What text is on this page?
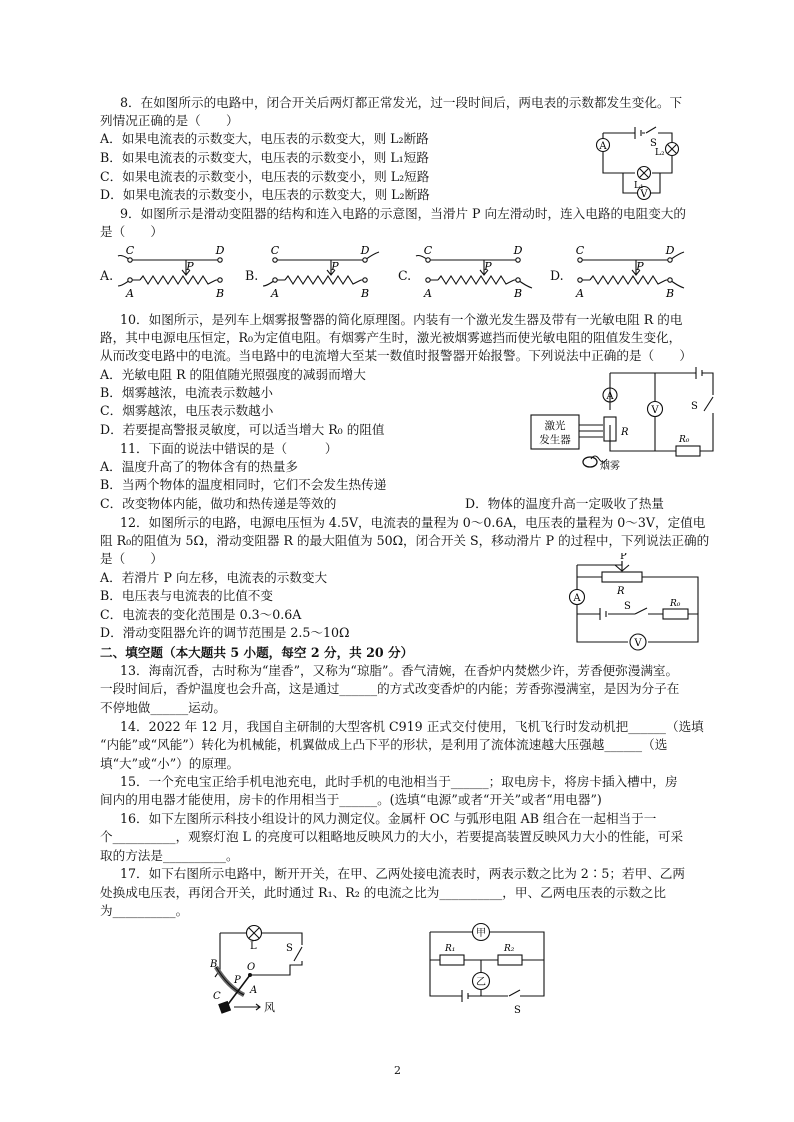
8．在如图所示的电路中，闭合开关后两灯都正常发光，过一段时间后，两电表的示数都发生变化。下
列情况正确的是（　　）
A．如果电流表的示数变大，电压表的示数变大，则 L₂断路
B．如果电流表的示数变大，电压表的示数变小，则 L₁短路
C．如果电流表的示数变小，电压表的示数变小，则 L₂短路
D．如果电流表的示数变小，电压表的示数变大，则 L₂断路
A
V
S
L₂
L₁
9．如图所示是滑动变阻器的结构和连入电路的示意图，当滑片 P 向左滑动时，连入电路的电阻变大的
是（　　）
A.
C	D
P
A	B
B.
C	D
P
A	B
C.
C	D
P
A	B
D.
C	D
P
A	B
10．如图所示，是列车上烟雾报警器的简化原理图。内装有一个激光发生器及带有一光敏电阻 R 的电
路，其中电源电压恒定，R₀为定值电阻。有烟雾产生时，激光被烟雾遮挡而使光敏电阻的阻值发生变化，
从而改变电路中的电流。当电路中的电流增大至某一数值时报警器开始报警。下列说法中正确的是（　　）
A．光敏电阻 R 的阻值随光照强度的减弱而增大
B．烟雾越浓，电流表示数越小
C．烟雾越浓，电压表示数越小
D．若要提高警报灵敏度，可以适当增大 R₀ 的阻值
A
V	S
R
R₀
激光
发生器
烟雾
11．下面的说法中错误的是（　　　）
A．温度升高了的物体含有的热量多
B．当两个物体的温度相同时，它们不会发生热传递
C．改变物体内能，做功和热传递是等效的	D．物体的温度升高一定吸收了热量
12．如图所示的电路，电源电压恒为 4.5V，电流表的量程为 0～0.6A，电压表的量程为 0～3V，定值电
阻 R₀的阻值为 5Ω，滑动变阻器 R 的最大阻值为 50Ω，闭合开关 S，移动滑片 P 的过程中，下列说法正确的
是（　　）
A．若滑片 P 向左移，电流表的示数变大
B．电压表与电流表的比值不变
C．电流表的变化范围是 0.3～0.6A
D．滑动变阻器允许的调节范围是 2.5～10Ω
P
R
A
S	R₀
V
二、填空题（本大题共 5 小题，每空 2 分，共 20 分）
13．海南沉香，古时称为“崖香”，又称为“琼脂”。香气清婉，在香炉内焚燃少许，芳香便弥漫满室。
一段时间后，香炉温度也会升高，这是通过______的方式改变香炉的内能；芳香弥漫满室，是因为分子在
不停地做______运动。
14．2022 年 12 月，我国自主研制的大型客机 C919 正式交付使用，飞机飞行时发动机把______（选填
“内能”或“风能”）转化为机械能，机翼做成上凸下平的形状，是利用了流体流速越大压强越______（选
填“大”或“小”）的原理。
15．一个充电宝正给手机电池充电，此时手机的电池相当于______；取电房卡，将房卡插入槽中，房
间内的用电器才能使用，房卡的作用相当于______。(选填“电源”或者“开关”或者“用电器”)
16．如下左图所示科技小组设计的风力测定仪。金属杆 OC 与弧形电阻 AB 组合在一起相当于一
个__________，观察灯泡 L 的亮度可以粗略地反映风力的大小，若要提高装置反映风力大小的性能，可采
取的方法是__________。
17．如下右图所示电路中，断开开关，在甲、乙两处接电流表时，两表示数之比为 2∶5；若甲、乙两
处换成电压表，再闭合开关，此时通过 R₁、R₂ 的电流之比为__________，甲、乙两电压表的示数之比
为__________。
L	S
B	O
P
C
A
风
甲
乙
R₁	R₂
S
2
